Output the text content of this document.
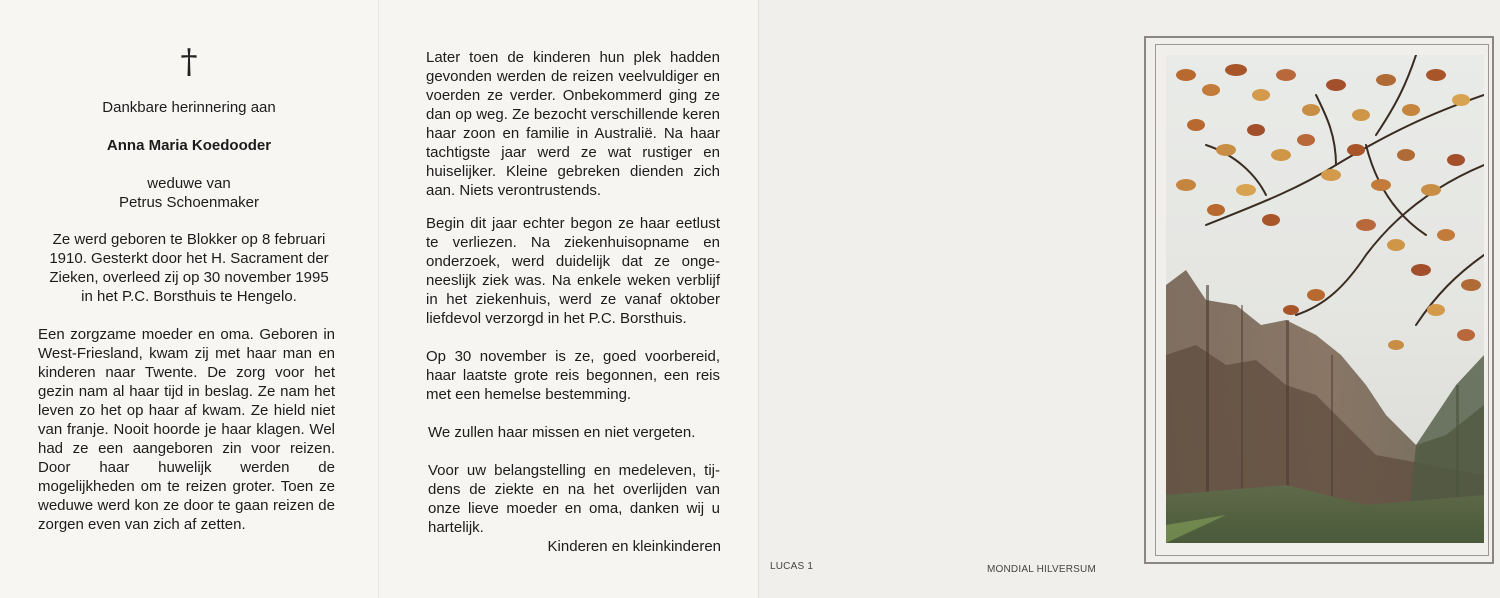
†
Dankbare herinnering aan
Anna Maria Koedooder
weduwe van
Petrus Schoenmaker
Ze werd geboren te Blokker op 8 februari
1910. Gesterkt door het H. Sacrament der
Zieken, overleed zij op 30 november 1995
in het P.C. Borsthuis te Hengelo.

Een zorgzame moeder en oma. Geboren in West-Friesland, kwam zij met haar man en kinderen naar Twente. De zorg voor het gezin nam al haar tijd in beslag. Ze nam het leven zo het op haar af kwam. Ze hield niet van franje. Nooit hoorde je haar klagen. Wel had ze een aangeboren zin voor reizen. Door haar huwelijk werden de mogelijkheden om te reizen groter. Toen ze weduwe werd kon ze door te gaan reizen de zorgen even van zich af zetten.

Later toen de kinderen hun plek hadden gevonden werden de reizen veelvuldiger en voerden ze verder. Onbekommerd ging ze dan op weg. Ze bezocht verschillende keren haar zoon en familie in Australië. Na haar tachtigste jaar werd ze wat rustiger en huiselijker. Kleine gebreken dienden zich aan. Niets verontrustends.

Begin dit jaar echter begon ze haar eetlust te verliezen. Na ziekenhuisopname en onderzoek, werd duidelijk dat ze ongeneeslijk ziek was. Na enkele weken verblijf in het ziekenhuis, werd ze vanaf oktober liefdevol verzorgd in het P.C. Borsthuis.

Op 30 november is ze, goed voorbereid, haar laatste grote reis begonnen, een reis met een hemelse bestemming.

We zullen haar missen en niet vergeten.

Voor uw belangstelling en medeleven, tijdens de ziekte en na het overlijden van onze lieve moeder en oma, danken wij u hartelijk.

Kinderen en kleinkinderen
LUCAS 1	MONDIAL HILVERSUM
